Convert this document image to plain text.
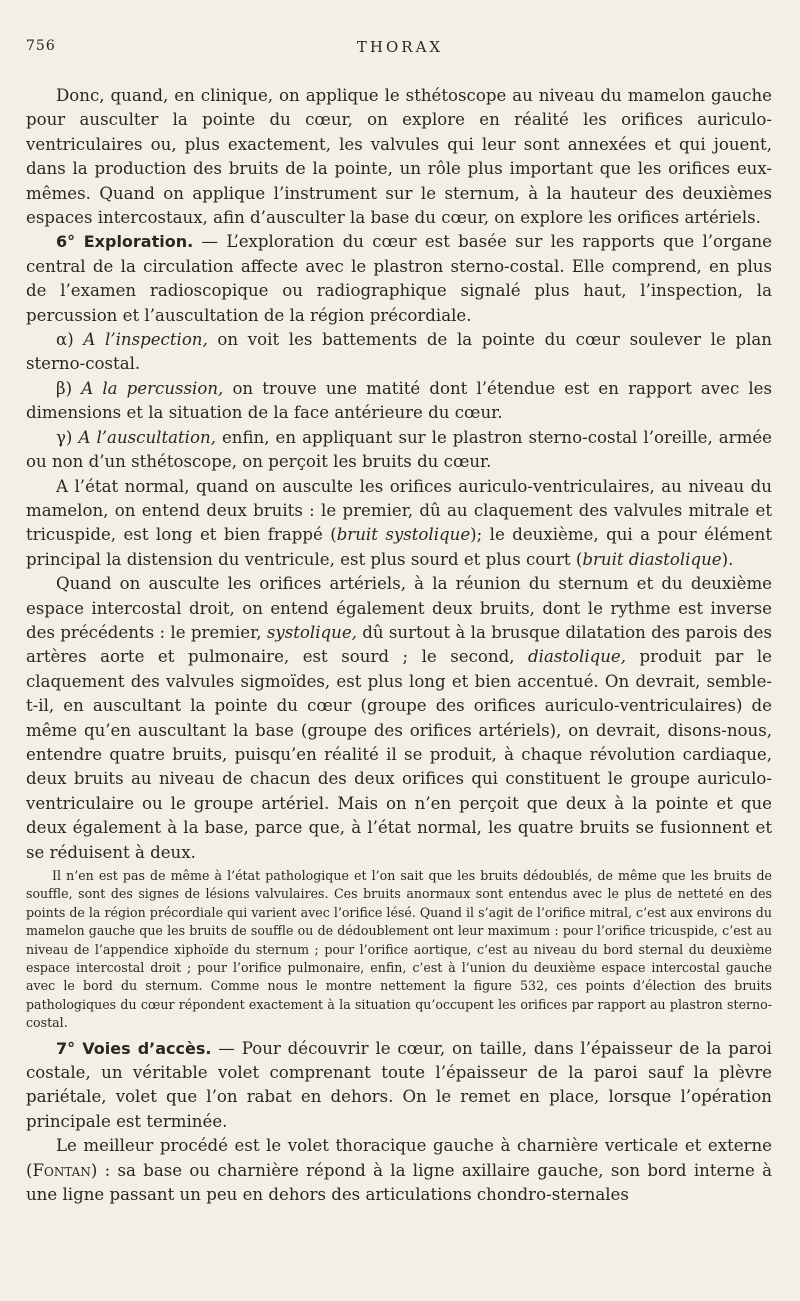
756	THORAX

Donc, quand, en clinique, on applique le sthétoscope au niveau du mamelon gauche pour ausculter la pointe du cœur, on explore en réalité les orifices auriculo-ventriculaires ou, plus exactement, les valvules qui leur sont annexées et qui jouent, dans la production des bruits de la pointe, un rôle plus important que les orifices eux-mêmes. Quand on applique l’instrument sur le sternum, à la hauteur des deuxièmes espaces intercostaux, afin d’ausculter la base du cœur, on explore les orifices artériels.

6° Exploration. — L’exploration du cœur est basée sur les rapports que l’organe central de la circulation affecte avec le plastron sterno-costal. Elle comprend, en plus de l’examen radioscopique ou radiographique signalé plus haut, l’inspection, la percussion et l’auscultation de la région précordiale.

α) A l’inspection, on voit les battements de la pointe du cœur soulever le plan sterno-costal.

β) A la percussion, on trouve une matité dont l’étendue est en rapport avec les dimensions et la situation de la face antérieure du cœur.

γ) A l’auscultation, enfin, en appliquant sur le plastron sterno-costal l’oreille, armée ou non d’un sthétoscope, on perçoit les bruits du cœur.

A l’état normal, quand on ausculte les orifices auriculo-ventriculaires, au niveau du mamelon, on entend deux bruits : le premier, dû au claquement des valvules mitrale et tricuspide, est long et bien frappé (bruit systolique); le deuxième, qui a pour élément principal la distension du ventricule, est plus sourd et plus court (bruit diastolique).

Quand on ausculte les orifices artériels, à la réunion du sternum et du deuxième espace intercostal droit, on entend également deux bruits, dont le rythme est inverse des précédents : le premier, systolique, dû surtout à la brusque dilatation des parois des artères aorte et pulmonaire, est sourd ; le second, diastolique, produit par le claquement des valvules sigmoïdes, est plus long et bien accentué. On devrait, semble-t-il, en auscultant la pointe du cœur (groupe des orifices auriculo-ventriculaires) de même qu’en auscultant la base (groupe des orifices artériels), on devrait, disons-nous, entendre quatre bruits, puisqu’en réalité il se produit, à chaque révolution cardiaque, deux bruits au niveau de chacun des deux orifices qui constituent le groupe auriculo-ventriculaire ou le groupe artériel. Mais on n’en perçoit que deux à la pointe et que deux également à la base, parce que, à l’état normal, les quatre bruits se fusionnent et se réduisent à deux.

Il n’en est pas de même à l’état pathologique et l’on sait que les bruits dédoublés, de même que les bruits de souffle, sont des signes de lésions valvulaires. Ces bruits anormaux sont entendus avec le plus de netteté en des points de la région précordiale qui varient avec l’orifice lésé. Quand il s’agit de l’orifice mitral, c’est aux environs du mamelon gauche que les bruits de souffle ou de dédoublement ont leur maximum : pour l’orifice tricuspide, c’est au niveau de l’appendice xiphoïde du sternum ; pour l’orifice aortique, c’est au niveau du bord sternal du deuxième espace intercostal droit ; pour l’orifice pulmonaire, enfin, c’est à l’union du deuxième espace intercostal gauche avec le bord du sternum. Comme nous le montre nettement la figure 532, ces points d’élection des bruits pathologiques du cœur répondent exactement à la situation qu’occupent les orifices par rapport au plastron sterno-costal.

7° Voies d’accès. — Pour découvrir le cœur, on taille, dans l’épaisseur de la paroi costale, un véritable volet comprenant toute l’épaisseur de la paroi sauf la plèvre pariétale, volet que l’on rabat en dehors. On le remet en place, lorsque l’opération principale est terminée.

Le meilleur procédé est le volet thoracique gauche à charnière verticale et externe (Fontan) : sa base ou charnière répond à la ligne axillaire gauche, son bord interne à une ligne passant un peu en dehors des articulations chondro-sternales
